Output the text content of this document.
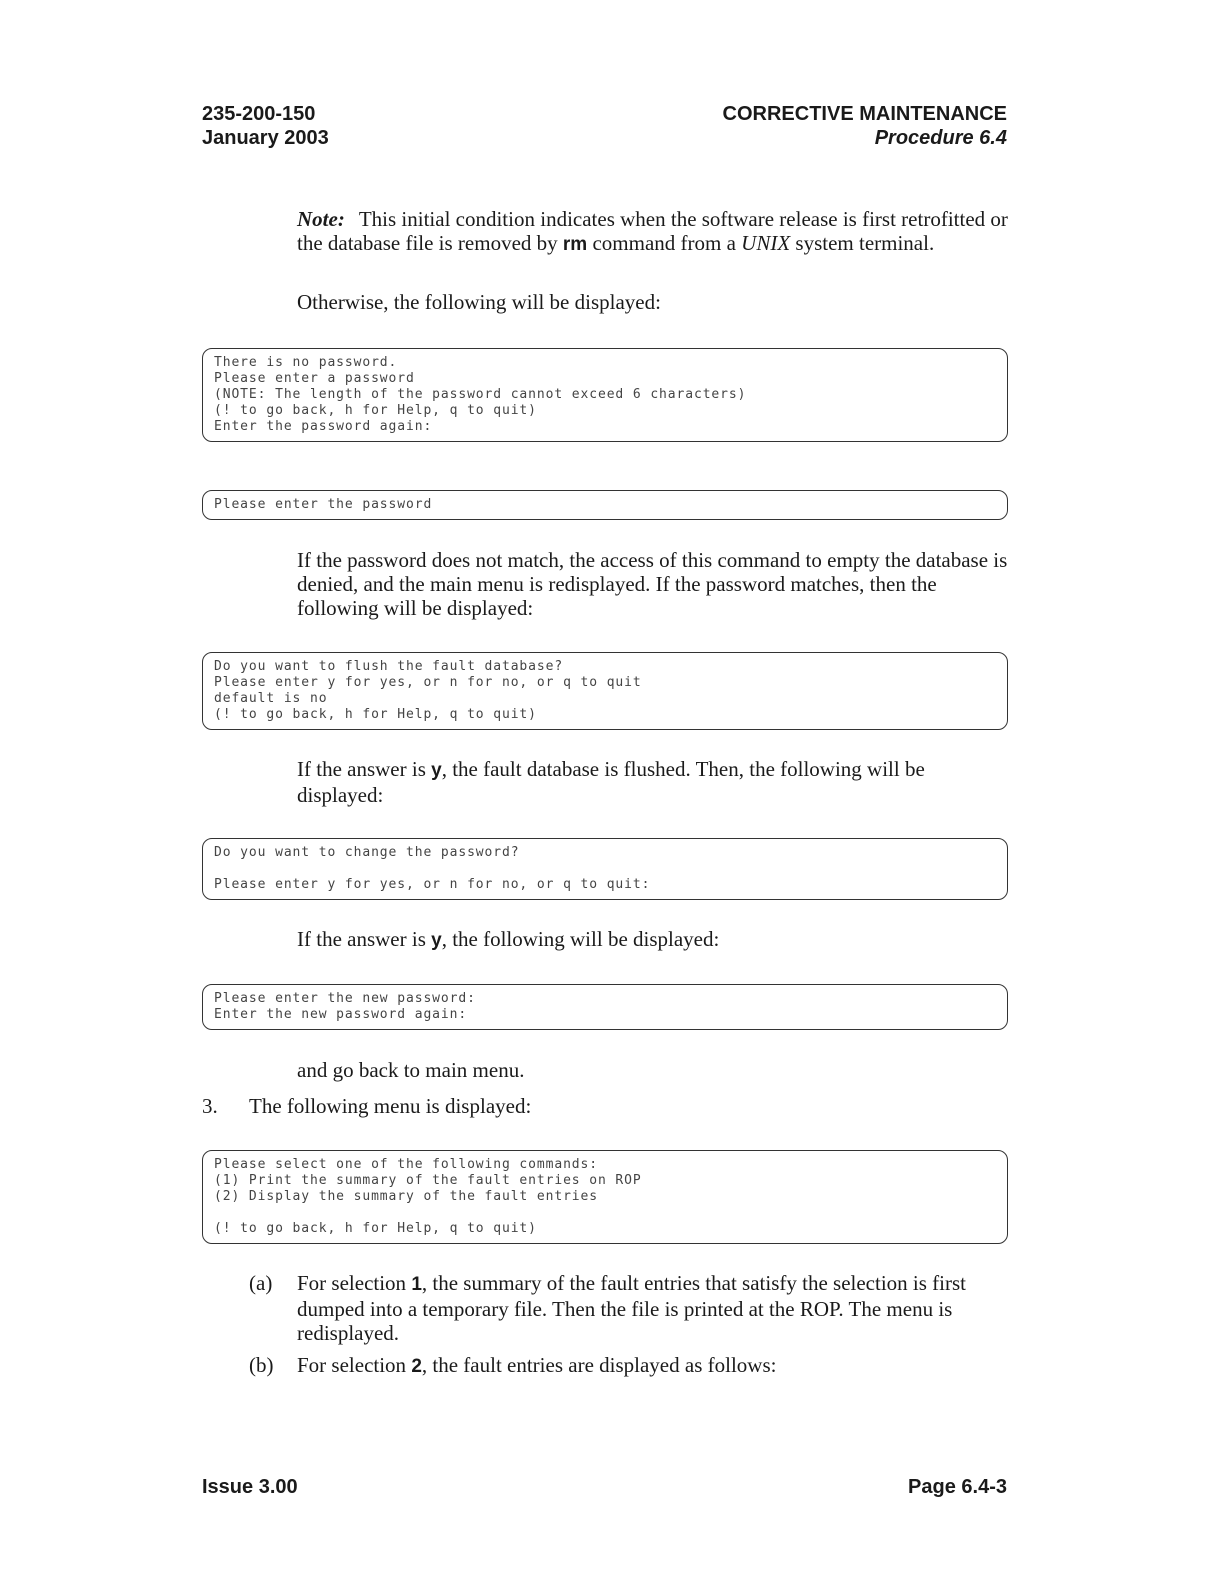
235-200-150
January 2003
CORRECTIVE MAINTENANCE
Procedure 6.4
Note: This initial condition indicates when the software release is first retrofitted or the database file is removed by rm command from a UNIX system terminal.
Otherwise, the following will be displayed:
There is no password.
Please enter a password
(NOTE: The length of the password cannot exceed 6 characters)
(! to go back, h for Help, q to quit)
Enter the password again:
Please enter the password
If the password does not match, the access of this command to empty the database is denied, and the main menu is redisplayed. If the password matches, then the following will be displayed:
Do you want to flush the fault database?
Please enter y for yes, or n for no, or q to quit
default is no
(! to go back, h for Help, q to quit)
If the answer is y, the fault database is flushed. Then, the following will be displayed:
Do you want to change the password?
Please enter y for yes, or n for no, or q to quit:
If the answer is y, the following will be displayed:
Please enter the new password:
Enter the new password again:
and go back to main menu.
3. The following menu is displayed:
Please select one of the following commands:
(1) Print the summary of the fault entries on ROP
(2) Display the summary of the fault entries
(! to go back, h for Help, q to quit)
(a) For selection 1, the summary of the fault entries that satisfy the selection is first dumped into a temporary file. Then the file is printed at the ROP. The menu is redisplayed.
(b) For selection 2, the fault entries are displayed as follows:
Issue 3.00	Page 6.4-3
